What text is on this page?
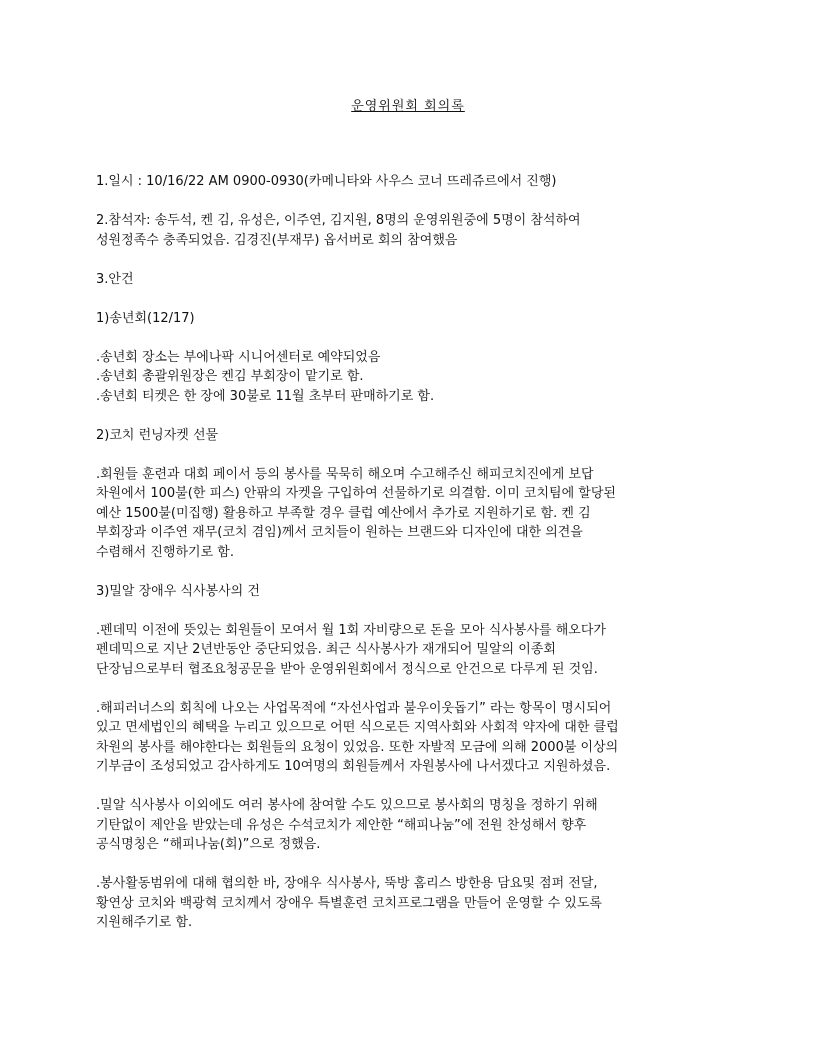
운영위원회 회의록

1.일시 : 10/16/22 AM 0900-0930(카메니타와 사우스 코너 뜨레쥬르에서 진행)

2.참석자: 송두석, 켄 김, 유성은, 이주연, 김지원, 8명의 운영위원중에 5명이 참석하여
성원정족수 충족되었음. 김경진(부재무) 옵서버로 회의 참여했음

3.안건

1)송년회(12/17)

.송년회 장소는 부에나팍 시니어센터로 예약되었음
.송년회 총괄위원장은 켄김 부회장이 맡기로 함.
.송년회 티켓은 한 장에 30불로 11월 초부터 판매하기로 함.

2)코치 런닝자켓 선물

.회원들 훈련과 대회 페이서 등의 봉사를 묵묵히 해오며 수고해주신 해피코치진에게 보답
차원에서 100불(한 피스) 안팎의 자켓을 구입하여 선물하기로 의결함. 이미 코치팀에 할당된
예산 1500불(미집행) 활용하고 부족할 경우 클럽 예산에서 추가로 지원하기로 함. 켄 김
부회장과 이주연 재무(코치 겸임)께서 코치들이 원하는 브랜드와 디자인에 대한 의견을
수렴해서 진행하기로 함.

3)밀알 장애우 식사봉사의 건

.펜데믹 이전에 뜻있는 회원들이 모여서 월 1회 자비량으로 돈을 모아 식사봉사를 해오다가
펜데믹으로 지난 2년반동안 중단되었음. 최근 식사봉사가 재개되어 밀알의 이종회
단장님으로부터 협조요청공문을 받아 운영위원회에서 정식으로 안건으로 다루게 된 것임.

.해피러너스의 회칙에 나오는 사업목적에 “자선사업과 불우이웃돕기” 라는 항목이 명시되어
있고 면세법인의 혜택을 누리고 있으므로 어떤 식으로든 지역사회와 사회적 약자에 대한 클럽
차원의 봉사를 해야한다는 회원들의 요청이 있었음. 또한 자발적 모금에 의해 2000불 이상의
기부금이 조성되었고 감사하게도 10여명의 회원들께서 자원봉사에 나서겠다고 지원하셨음.

.밀알 식사봉사 이외에도 여러 봉사에 참여할 수도 있으므로 봉사회의 명칭을 정하기 위해
기탄없이 제안을 받았는데 유성은 수석코치가 제안한 “해피나눔”에 전원 찬성해서 향후
공식명칭은 “해피나눔(회)”으로 정했음.

.봉사활동범위에 대해 협의한 바, 장애우 식사봉사, 뚝방 홈리스 방한용 담요및 점퍼 전달,
황연상 코치와 백광혁 코치께서 장애우 특별훈련 코치프로그램을 만들어 운영할 수 있도록
지원해주기로 함.
